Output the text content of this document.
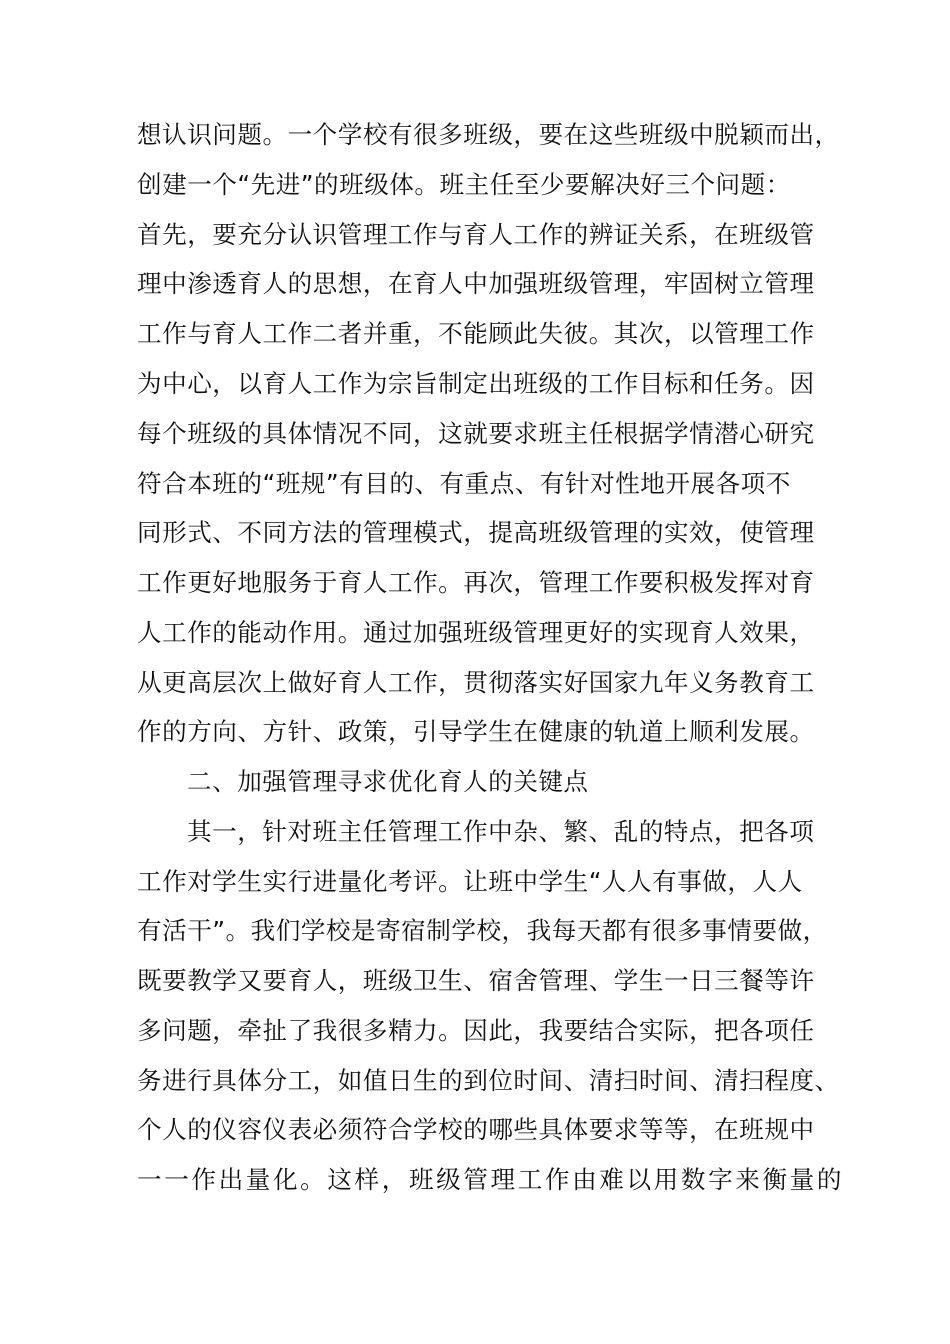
想认识问题。一个学校有很多班级，要在这些班级中脱颖而出，
创建一个“先进”的班级体。班主任至少要解决好三个问题：
首先，要充分认识管理工作与育人工作的辨证关系，在班级管
理中渗透育人的思想，在育人中加强班级管理，牢固树立管理
工作与育人工作二者并重，不能顾此失彼。其次，以管理工作
为中心，以育人工作为宗旨制定出班级的工作目标和任务。因
每个班级的具体情况不同，这就要求班主任根据学情潜心研究
符合本班的“班规”有目的、有重点、有针对性地开展各项不
同形式、不同方法的管理模式，提高班级管理的实效，使管理
工作更好地服务于育人工作。再次，管理工作要积极发挥对育
人工作的能动作用。通过加强班级管理更好的实现育人效果，
从更高层次上做好育人工作，贯彻落实好国家九年义务教育工
作的方向、方针、政策，引导学生在健康的轨道上顺利发展。
二、加强管理寻求优化育人的关键点
其一，针对班主任管理工作中杂、繁、乱的特点，把各项
工作对学生实行进量化考评。让班中学生“人人有事做，人人
有活干”。我们学校是寄宿制学校，我每天都有很多事情要做，
既要教学又要育人，班级卫生、宿舍管理、学生一日三餐等许
多问题，牵扯了我很多精力。因此，我要结合实际，把各项任
务进行具体分工，如值日生的到位时间、清扫时间、清扫程度、
个人的仪容仪表必须符合学校的哪些具体要求等等，在班规中
一一作出量化。这样，班级管理工作由难以用数字来衡量的
